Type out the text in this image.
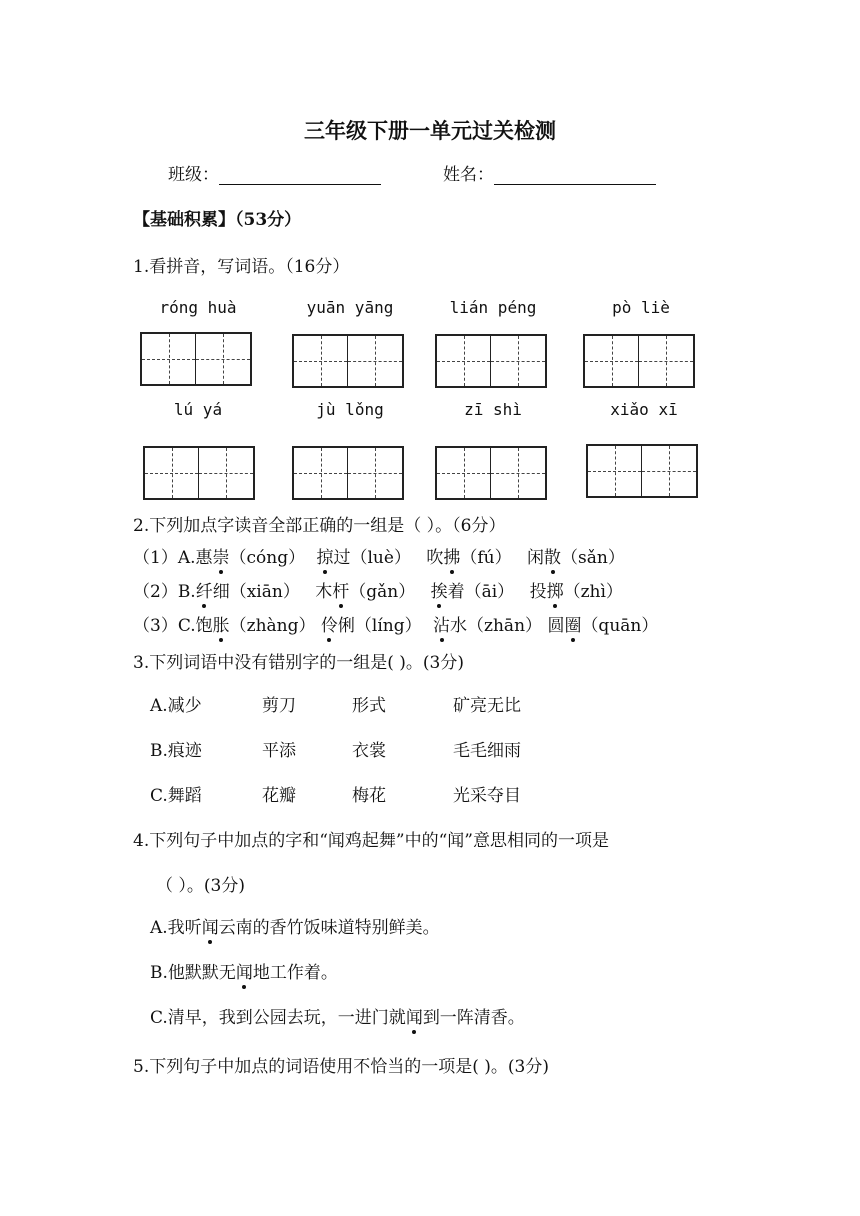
三年级下册一单元过关检测
班级：	姓名：
【基础积累】（53分）
1.看拼音，写词语。（16分）
róng huà	yuān yāng	lián péng	pò liè
lú yá	jù lǒng	zī shì	xiǎo xī
2.下列加点字读音全部正确的一组是（ ）。（6分）
（1）A.惠崇（cóng） 掠过（luè） 吹拂（fú） 闲散（sǎn）
（2）B.纤细（xiān） 木杆（gǎn） 挨着（āi） 投掷（zhì）
（3）C.饱胀（zhàng） 伶俐（líng） 沾水（zhān） 圆圈（quān）
3.下列词语中没有错别字的一组是( )。(3分)
A.减少	剪刀	形式	矿亮无比
B.痕迹	平添	衣裳	毛毛细雨
C.舞蹈	花瓣	梅花	光采夺目
4.下列句子中加点的字和“闻鸡起舞”中的“闻”意思相同的一项是
（ ）。(3分)
A.我听闻云南的香竹饭味道特别鲜美。
B.他默默无闻地工作着。
C.清早，我到公园去玩，一进门就闻到一阵清香。
5.下列句子中加点的词语使用不恰当的一项是( )。(3分)
